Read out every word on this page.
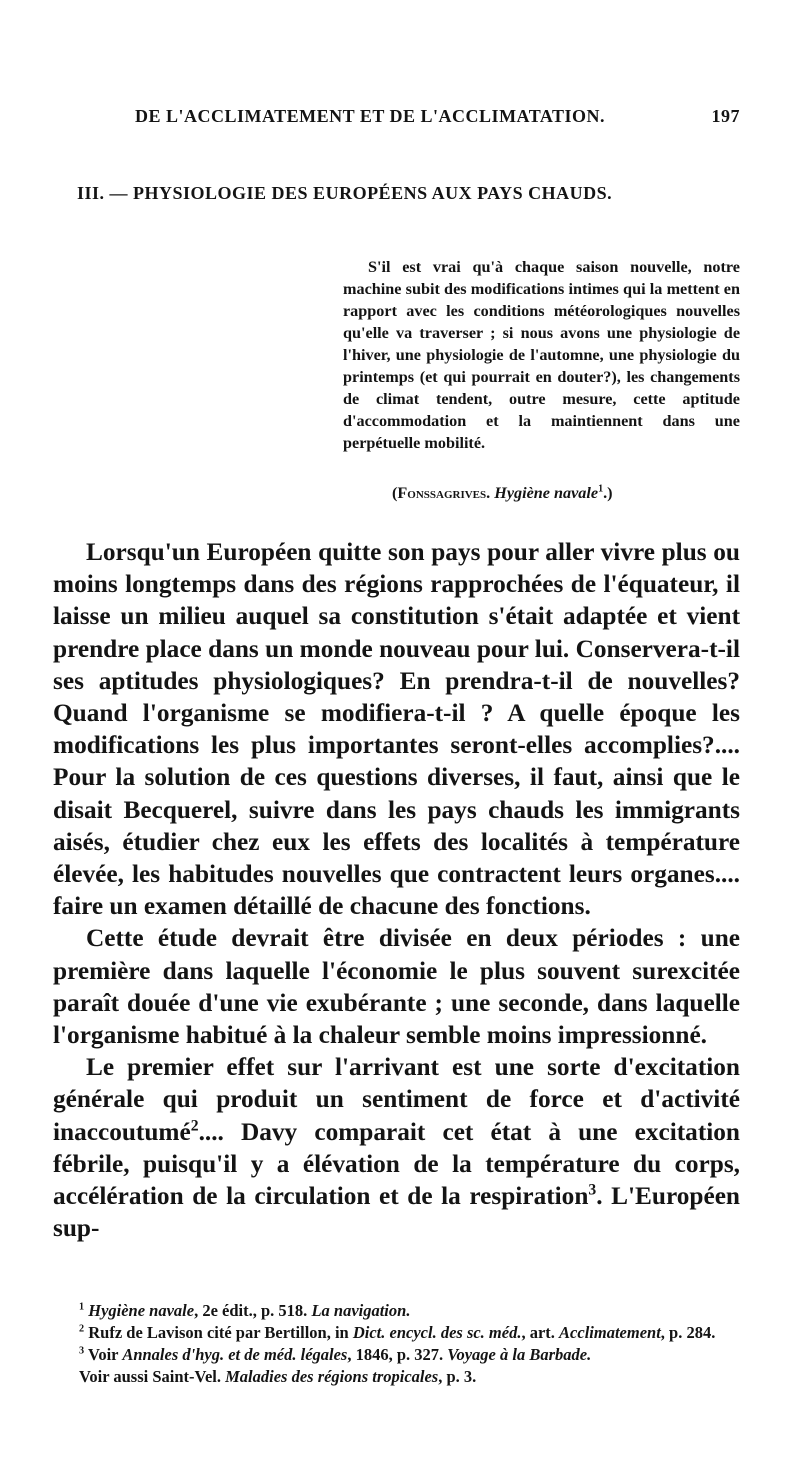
DE L'ACCLIMATEMENT ET DE L'ACCLIMATATION.	197
III. — PHYSIOLOGIE DES EUROPÉENS AUX PAYS CHAUDS.

S'il est vrai qu'à chaque saison nouvelle, notre machine subit des modifications intimes qui la mettent en rapport avec les conditions météorologiques nouvelles qu'elle va traverser ; si nous avons une physiologie de l'hiver, une physiologie de l'automne, une physiologie du printemps (et qui pourrait en douter?), les changements de climat tendent, outre mesure, cette aptitude d'accommodation et la maintiennent dans une perpétuelle mobilité.

(Fonssagrives. Hygiène navale$^1$.)

Lorsqu'un Européen quitte son pays pour aller vivre plus ou moins longtemps dans des régions rapprochées de l'équateur, il laisse un milieu auquel sa constitution s'était adaptée et vient prendre place dans un monde nouveau pour lui. Conservera-t-il ses aptitudes physiologiques? En prendra-t-il de nouvelles? Quand l'organisme se modifiera-t-il ? A quelle époque les modifications les plus importantes seront-elles accomplies?.... Pour la solution de ces questions diverses, il faut, ainsi que le disait Becquerel, suivre dans les pays chauds les immigrants aisés, étudier chez eux les effets des localités à température élevée, les habitudes nouvelles que contractent leurs organes.... faire un examen détaillé de chacune des fonctions.

Cette étude devrait être divisée en deux périodes : une première dans laquelle l'économie le plus souvent surexcitée paraît douée d'une vie exubérante ; une seconde, dans laquelle l'organisme habitué à la chaleur semble moins impressionné.

Le premier effet sur l'arrivant est une sorte d'excitation générale qui produit un sentiment de force et d'activité inaccoutumé$^2$.... Davy comparait cet état à une excitation fébrile, puisqu'il y a élévation de la température du corps, accélération de la circulation et de la respiration$^3$. L'Européen sup-

$^1$ Hygiène navale, 2e édit., p. 518. La navigation.

$^2$ Rufz de Lavison cité par Bertillon, in Dict. encycl. des sc. méd., art. Acclimatement, p. 284.

$^3$ Voir Annales d'hyg. et de méd. légales, 1846, p. 327. Voyage à la Barbade.

Voir aussi Saint-Vel. Maladies des régions tropicales, p. 3.
